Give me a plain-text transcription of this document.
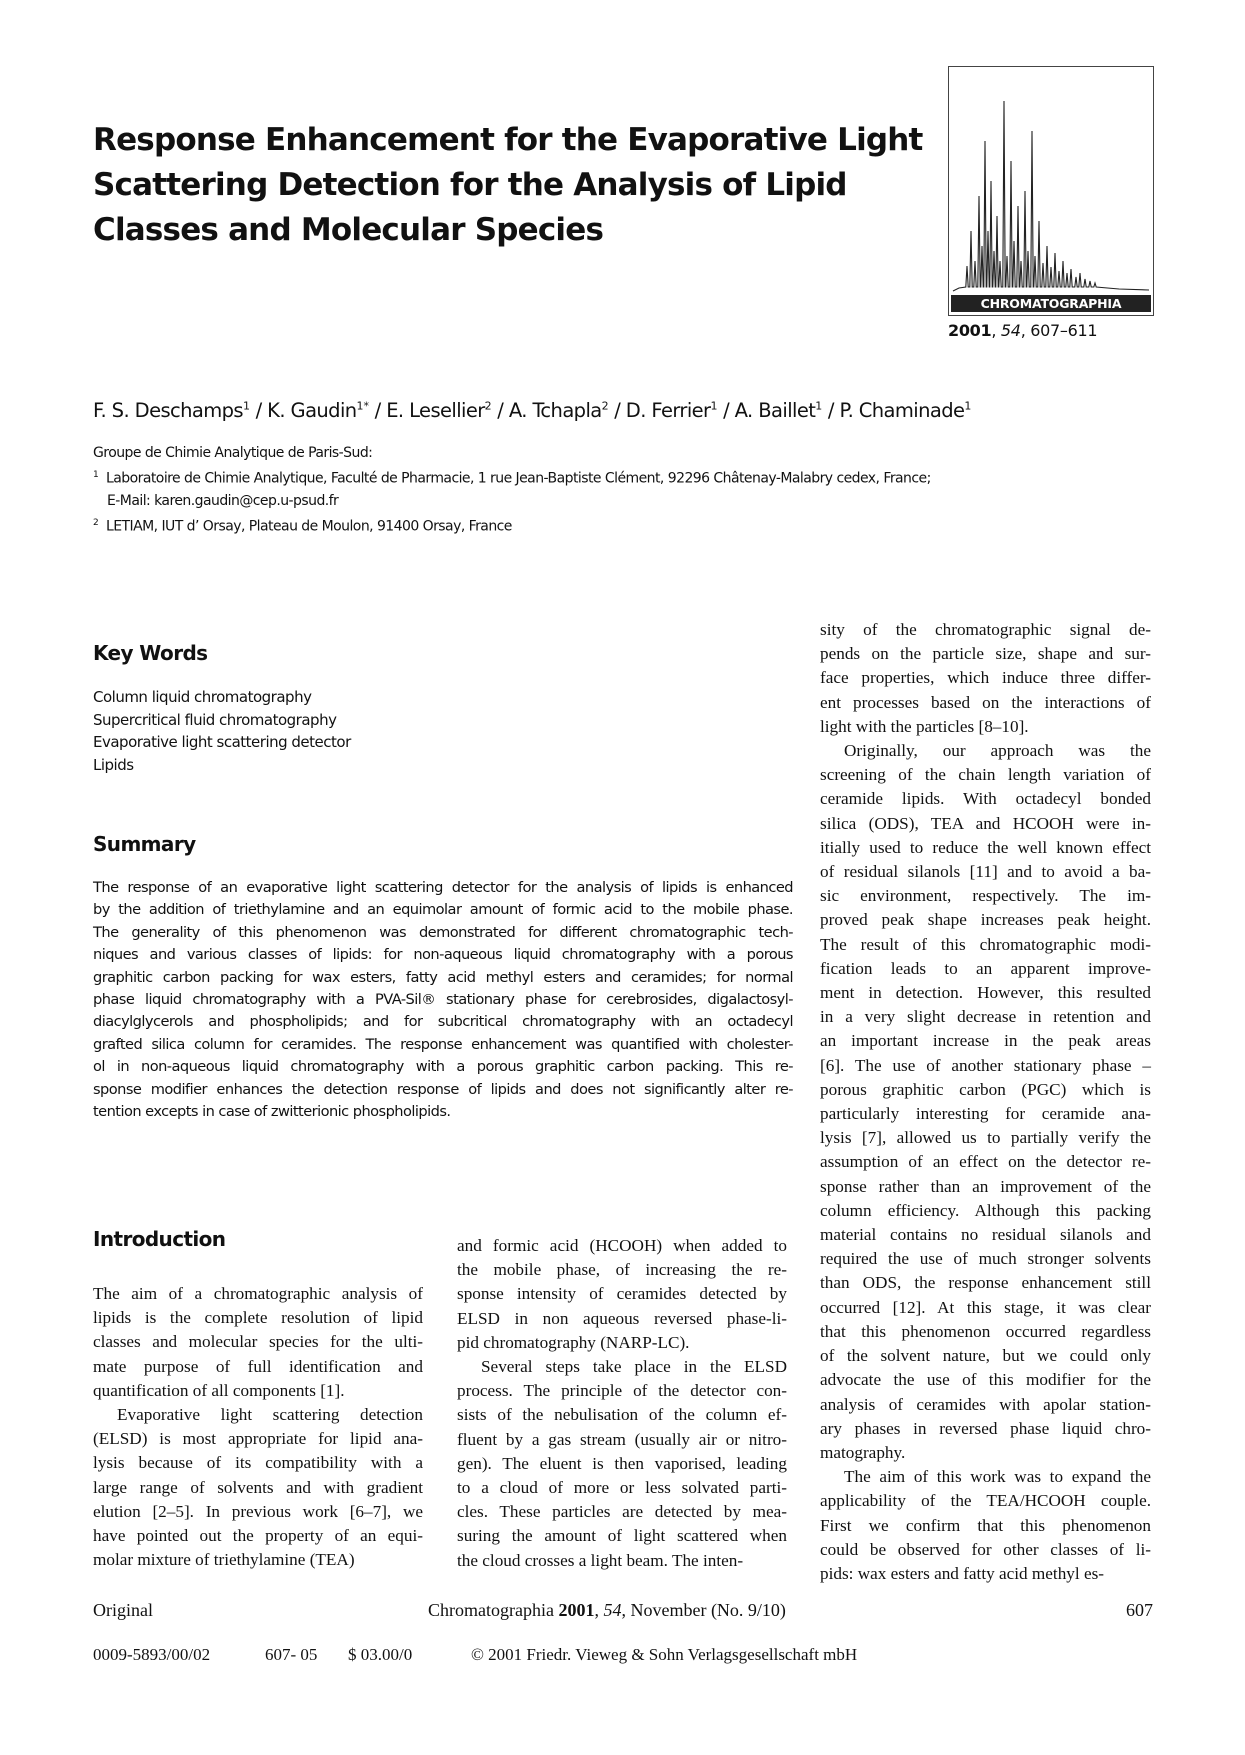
Response Enhancement for the Evaporative Light Scattering Detection for the Analysis of Lipid Classes and Molecular Species
CHROMATOGRAPHIA
2001, 54, 607–611
F. S. Deschamps$^1$ / K. Gaudin$^{1*}$ / E. Lesellier$^2$ / A. Tchapla$^2$ / D. Ferrier$^1$ / A. Baillet$^1$ / P. Chaminade$^1$
Groupe de Chimie Analytique de Paris-Sud:
$^1$ Laboratoire de Chimie Analytique, Faculté de Pharmacie, 1 rue Jean-Baptiste Clément, 92296 Châtenay-Malabry cedex, France;
E-Mail: karen.gaudin@cep.u-psud.fr
$^2$ LETIAM, IUT d’ Orsay, Plateau de Moulon, 91400 Orsay, France
Key Words
Column liquid chromatography
Supercritical fluid chromatography
Evaporative light scattering detector
Lipids
Summary
The response of an evaporative light scattering detector for the analysis of lipids is enhanced
by the addition of triethylamine and an equimolar amount of formic acid to the mobile phase.
The generality of this phenomenon was demonstrated for different chromatographic tech-
niques and various classes of lipids: for non-aqueous liquid chromatography with a porous
graphitic carbon packing for wax esters, fatty acid methyl esters and ceramides; for normal
phase liquid chromatography with a PVA-Sil® stationary phase for cerebrosides, digalactosyl-
diacylglycerols and phospholipids; and for subcritical chromatography with an octadecyl
grafted silica column for ceramides. The response enhancement was quantified with cholester-
ol in non-aqueous liquid chromatography with a porous graphitic carbon packing. This re-
sponse modifier enhances the detection response of lipids and does not significantly alter re-
tention excepts in case of zwitterionic phospholipids.
Introduction
The aim of a chromatographic analysis of
lipids is the complete resolution of lipid
classes and molecular species for the ulti-
mate purpose of full identification and
quantification of all components [1].
Evaporative light scattering detection
(ELSD) is most appropriate for lipid ana-
lysis because of its compatibility with a
large range of solvents and with gradient
elution [2–5]. In previous work [6–7], we
have pointed out the property of an equi-
molar mixture of triethylamine (TEA)
and formic acid (HCOOH) when added to
the mobile phase, of increasing the re-
sponse intensity of ceramides detected by
ELSD in non aqueous reversed phase-li-
pid chromatography (NARP-LC).
Several steps take place in the ELSD
process. The principle of the detector con-
sists of the nebulisation of the column ef-
fluent by a gas stream (usually air or nitro-
gen). The eluent is then vaporised, leading
to a cloud of more or less solvated parti-
cles. These particles are detected by mea-
suring the amount of light scattered when
the cloud crosses a light beam. The inten-
sity of the chromatographic signal de-
pends on the particle size, shape and sur-
face properties, which induce three differ-
ent processes based on the interactions of
light with the particles [8–10].
Originally, our approach was the
screening of the chain length variation of
ceramide lipids. With octadecyl bonded
silica (ODS), TEA and HCOOH were in-
itially used to reduce the well known effect
of residual silanols [11] and to avoid a ba-
sic environment, respectively. The im-
proved peak shape increases peak height.
The result of this chromatographic modi-
fication leads to an apparent improve-
ment in detection. However, this resulted
in a very slight decrease in retention and
an important increase in the peak areas
[6]. The use of another stationary phase –
porous graphitic carbon (PGC) which is
particularly interesting for ceramide ana-
lysis [7], allowed us to partially verify the
assumption of an effect on the detector re-
sponse rather than an improvement of the
column efficiency. Although this packing
material contains no residual silanols and
required the use of much stronger solvents
than ODS, the response enhancement still
occurred [12]. At this stage, it was clear
that this phenomenon occurred regardless
of the solvent nature, but we could only
advocate the use of this modifier for the
analysis of ceramides with apolar station-
ary phases in reversed phase liquid chro-
matography.
The aim of this work was to expand the
applicability of the TEA/HCOOH couple.
First we confirm that this phenomenon
could be observed for other classes of li-
pids: wax esters and fatty acid methyl es-
Original	Chromatographia 2001, 54, November (No. 9/10)	607
0009-5893/00/02	607- 05 $ 03.00/0	© 2001 Friedr. Vieweg & Sohn Verlagsgesellschaft mbH
